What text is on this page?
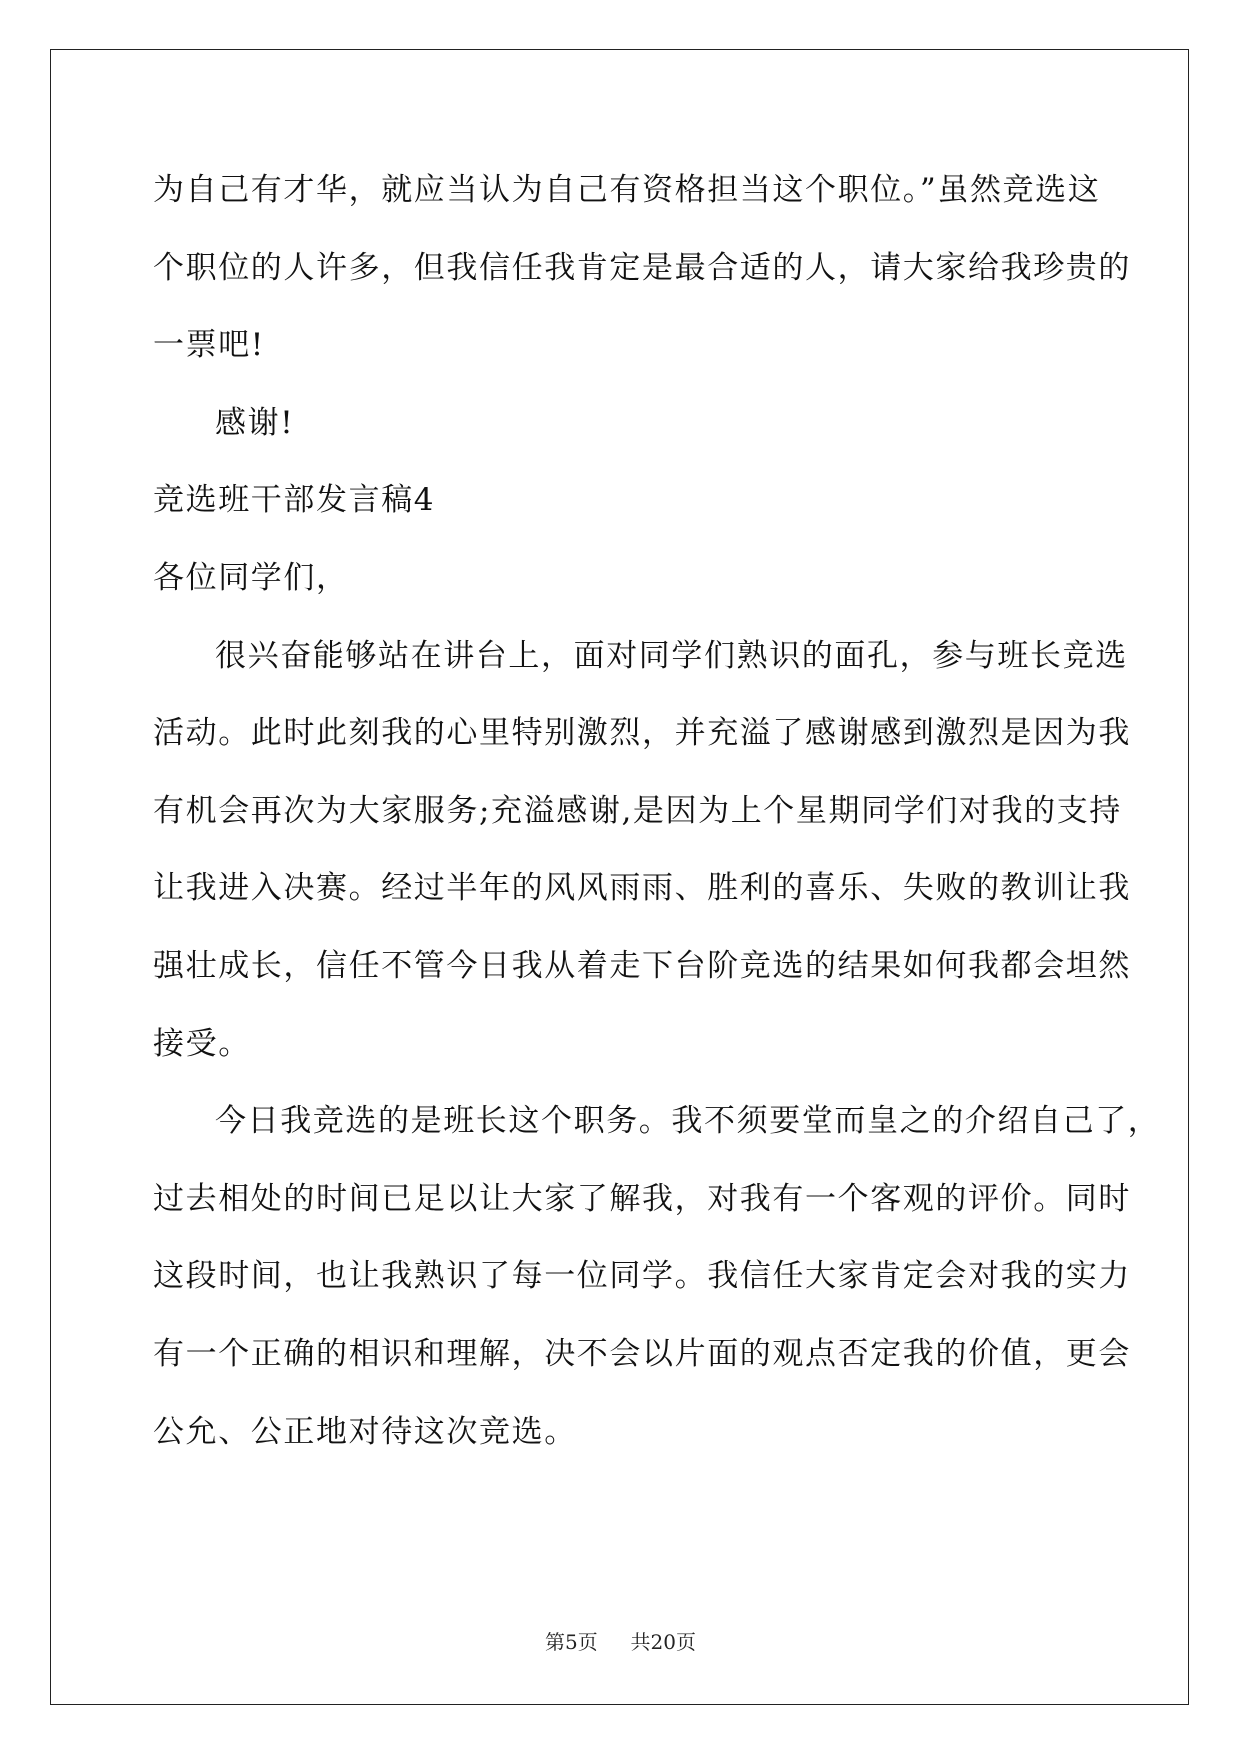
为自己有才华，就应当认为自己有资格担当这个职位。”虽然竞选这
个职位的人许多，但我信任我肯定是最合适的人，请大家给我珍贵的
一票吧!
感谢!
竞选班干部发言稿4
各位同学们，
很兴奋能够站在讲台上，面对同学们熟识的面孔，参与班长竞选
活动。此时此刻我的心里特别激烈，并充溢了感谢感到激烈是因为我
有机会再次为大家服务;充溢感谢,是因为上个星期同学们对我的支持
让我进入决赛。经过半年的风风雨雨、胜利的喜乐、失败的教训让我
强壮成长，信任不管今日我从着走下台阶竞选的结果如何我都会坦然
接受。
今日我竞选的是班长这个职务。我不须要堂而皇之的介绍自己了，
过去相处的时间已足以让大家了解我，对我有一个客观的评价。同时
这段时间，也让我熟识了每一位同学。我信任大家肯定会对我的实力
有一个正确的相识和理解，决不会以片面的观点否定我的价值，更会
公允、公正地对待这次竞选。
第5页 共20页
